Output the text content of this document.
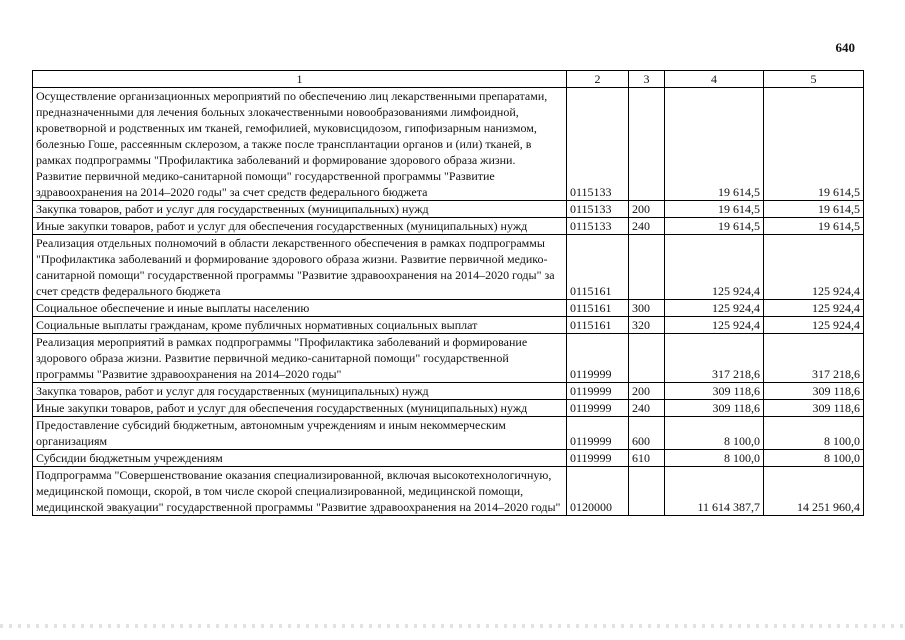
640
1	2	3	4	5
Осуществление организационных мероприятий по обеспечению лиц лекарственными препаратами, предназначенными для лечения больных злокачественными новообразованиями лимфоидной, кроветворной и родственных им тканей, гемофилией, муковисцидозом, гипофизарным нанизмом, болезнью Гоше, рассеянным склерозом, а также после трансплантации органов и (или) тканей, в рамках подпрограммы "Профилактика заболеваний и формирование здорового образа жизни. Развитие первичной медико-санитарной помощи" государственной программы "Развитие здравоохранения на 2014–2020 годы" за счет средств федерального бюджета	0115133		19 614,5	19 614,5
Закупка товаров, работ и услуг для государственных (муниципальных) нужд	0115133	200	19 614,5	19 614,5
Иные закупки товаров, работ и услуг для обеспечения государственных (муниципальных) нужд	0115133	240	19 614,5	19 614,5
Реализация отдельных полномочий в области лекарственного обеспечения в рамках подпрограммы "Профилактика заболеваний и формирование здорового образа жизни. Развитие первичной медико-санитарной помощи" государственной программы "Развитие здравоохранения на 2014–2020 годы" за счет средств федерального бюджета	0115161		125 924,4	125 924,4
Социальное обеспечение и иные выплаты населению	0115161	300	125 924,4	125 924,4
Социальные выплаты гражданам, кроме публичных нормативных социальных выплат	0115161	320	125 924,4	125 924,4
Реализация мероприятий в рамках подпрограммы "Профилактика заболеваний и формирование здорового образа жизни. Развитие первичной медико-санитарной помощи" государственной программы "Развитие здравоохранения на 2014–2020 годы"	0119999		317 218,6	317 218,6
Закупка товаров, работ и услуг для государственных (муниципальных) нужд	0119999	200	309 118,6	309 118,6
Иные закупки товаров, работ и услуг для обеспечения государственных (муниципальных) нужд	0119999	240	309 118,6	309 118,6
Предоставление субсидий бюджетным, автономным учреждениям и иным некоммерческим организациям	0119999	600	8 100,0	8 100,0
Субсидии бюджетным учреждениям	0119999	610	8 100,0	8 100,0
Подпрограмма "Совершенствование оказания специализированной, включая высокотехнологичную, медицинской помощи, скорой, в том числе скорой специализированной, медицинской помощи, медицинской эвакуации" государственной программы "Развитие здравоохранения на 2014–2020 годы"	0120000		11 614 387,7	14 251 960,4
